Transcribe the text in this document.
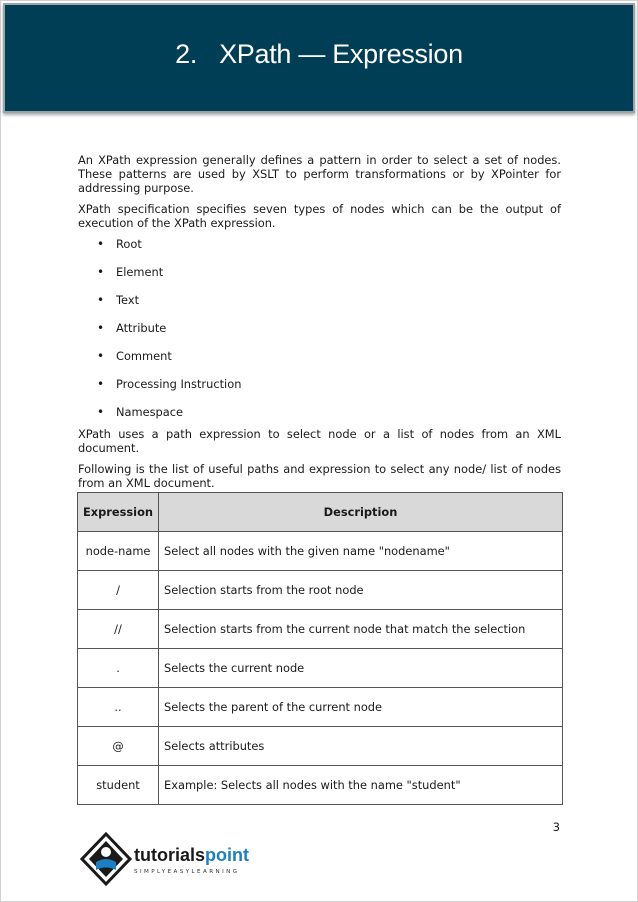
2. XPath — Expression

An XPath expression generally defines a pattern in order to select a set of nodes. These patterns are used by XSLT to perform transformations or by XPointer for addressing purpose.

XPath specification specifies seven types of nodes which can be the output of execution of the XPath expression.

• Root
• Element
• Text
• Attribute
• Comment
• Processing Instruction
• Namespace

XPath uses a path expression to select node or a list of nodes from an XML document.

Following is the list of useful paths and expression to select any node/ list of nodes from an XML document.

Expression	Description
node-name	Select all nodes with the given name "nodename"
/	Selection starts from the root node
//	Selection starts from the current node that match the selection
.	Selects the current node
..	Selects the parent of the current node
@	Selects attributes
student	Example: Selects all nodes with the name "student"
3
tutorialspoint
SIMPLYEASYLEARNING
